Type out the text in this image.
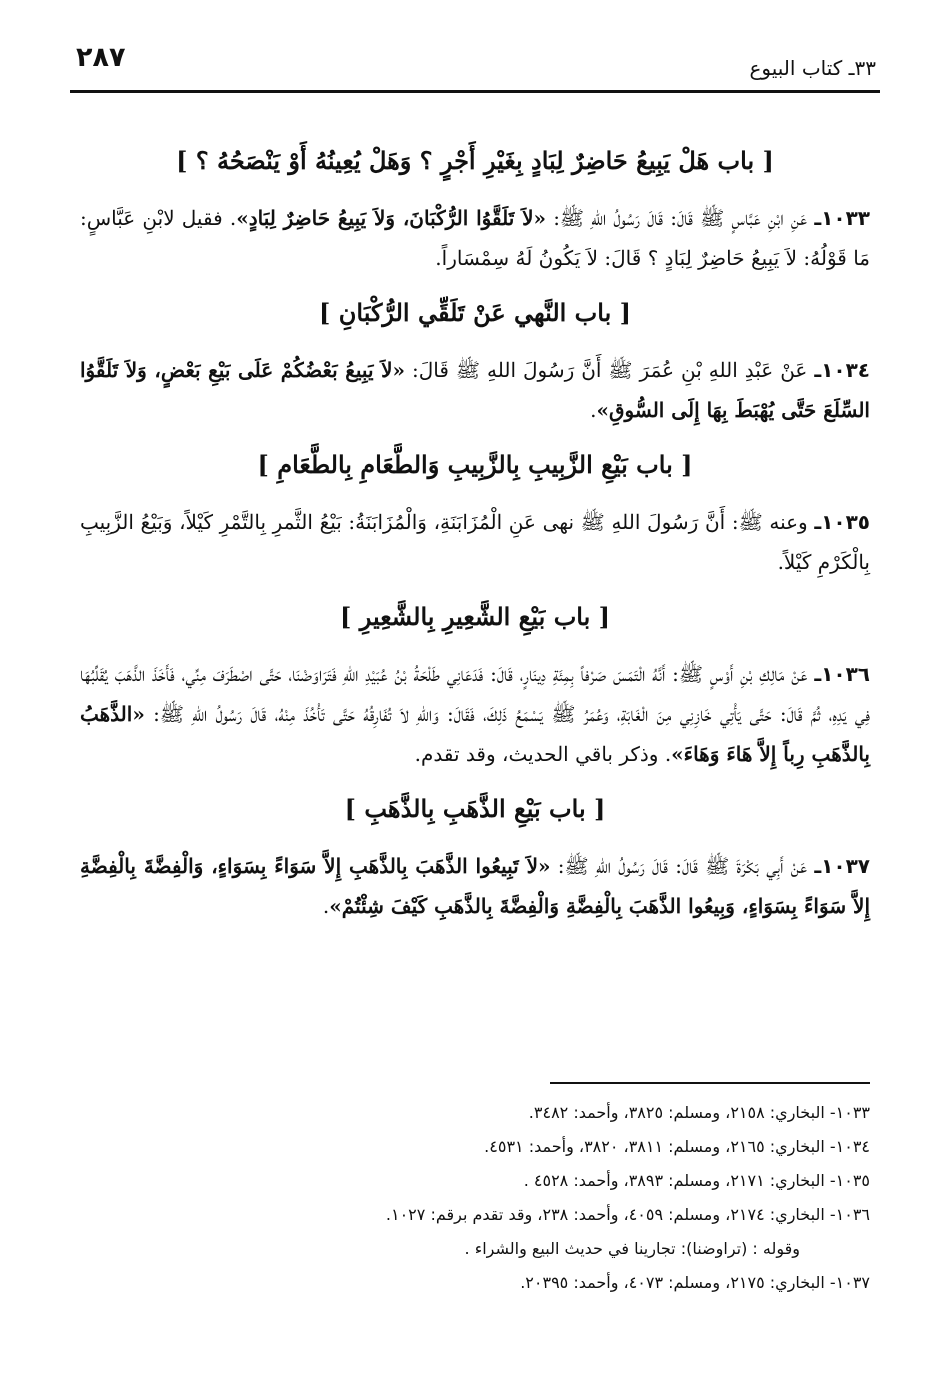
٢٨٧	٣٣ـ كتاب البيوع
[ باب هَلْ يَبِيعُ حَاضِرٌ لِبَادٍ بِغَيْرِ أَجْرٍ ؟ وَهَلْ يُعِينُهُ أَوْ يَنْصَحُهُ ؟ ]

١٠٣٣ـ عَنِ ابْنِ عَبَّاسٍ ﷺ قَالَ: قَالَ رَسُولُ اللهِ ﷺ: «لاَ تَلَقَّوُا الرُّكْبَانَ، وَلاَ يَبِيعُ حَاضِرٌ لِبَادٍ». فقيل لابْنِ عَبَّاسٍ: مَا قَوْلُهُ: لاَ يَبِيعُ حَاضِرٌ لِبَادٍ ؟ قَالَ: لاَ يَكُونُ لَهُ سِمْسَاراً.

[ باب النَّهي عَنْ تَلَقِّي الرُّكْبَانِ ]

١٠٣٤ـ عَنْ عَبْدِ اللهِ بْنِ عُمَرَ ﷺ أَنَّ رَسُولَ اللهِ ﷺ قَالَ: «لاَ يَبِيعُ بَعْضُكُمْ عَلَى بَيْعِ بَعْضٍ، وَلاَ تَلَقَّوُا السِّلَعَ حَتَّى يُهْبَطَ بِهَا إِلَى السُّوقِ».

[ باب بَيْعِ الزَّبِيبِ بِالزَّبِيبِ وَالطَّعَامِ بِالطَّعَامِ ]

١٠٣٥ـ وعنه ﷺ: أَنَّ رَسُولَ اللهِ ﷺ نهى عَنِ الْمُزَابَنَةِ، وَالْمُزَابَنَةُ: بَيْعُ الثَّمرِ بِالتَّمْرِ كَيْلاً، وَبَيْعُ الزَّبِيبِ بِالْكَرْمِ كَيْلاً.

[ باب بَيْعِ الشَّعِيرِ بِالشَّعِيرِ ]

١٠٣٦ـ عَنْ مَالِكِ بْنِ أَوْسٍ ﷺ: أَنَّهُ الْتَمَسَ صَرْفاً بِمِئَةِ دِينَارٍ، قَالَ: فَدَعَانِي طَلْحَةُ بْنُ عُبَيْدِ اللهِ فَتَرَاوَضْنَا، حَتَّى اصْطَرَفَ مِنِّي، فَأَخَذَ الذَّهَبَ يُقَلِّبُهَا فِي يَدِهِ، ثُمَّ قَالَ: حَتَّى يَأْتِي خَازِنِي مِنَ الْغَابَةِ، وَعُمَرُ ﷺ يَسْمَعُ ذَلِكَ، فَقَالَ: وَاللهِ لاَ تُفَارِقُهُ حَتَّى تَأْخُذَ مِنْهُ، قَالَ رَسُولُ اللهِ ﷺ: «الذَّهَبُ بِالذَّهَبِ رِباً إِلاَّ هَاءَ وَهَاءَ». وذكر باقي الحديث، وقد تقدم.

[ باب بَيْعِ الذَّهَبِ بِالذَّهَبِ ]

١٠٣٧ـ عَنْ أَبِي بَكْرَةَ ﷺ قَالَ: قَالَ رَسُولُ اللهِ ﷺ: «لاَ تَبِيعُوا الذَّهَبَ بِالذَّهَبِ إِلاَّ سَوَاءً بِسَوَاءٍ، وَالْفِضَّةَ بِالْفِضَّةِ إِلاَّ سَوَاءً بِسَوَاءٍ، وَبِيعُوا الذَّهَبَ بِالْفِضَّةِ وَالْفِضَّةَ بِالذَّهَبِ كَيْفَ شِئْتُمْ».

١٠٣٣- البخاري: ٢١٥٨، ومسلم: ٣٨٢٥، وأحمد: ٣٤٨٢.
١٠٣٤- البخاري: ٢١٦٥، ومسلم: ٣٨١١، ٣٨٢٠، وأحمد: ٤٥٣١.
١٠٣٥- البخاري: ٢١٧١، ومسلم: ٣٨٩٣، وأحمد: ٤٥٢٨ .
١٠٣٦- البخاري: ٢١٧٤، ومسلم: ٤٠٥٩، وأحمد: ٢٣٨، وقد تقدم برقم: ١٠٢٧.
وقوله : (تراوضنا): تجارينا في حديث البيع والشراء .
١٠٣٧- البخاري: ٢١٧٥، ومسلم: ٤٠٧٣، وأحمد: ٢٠٣٩٥.
